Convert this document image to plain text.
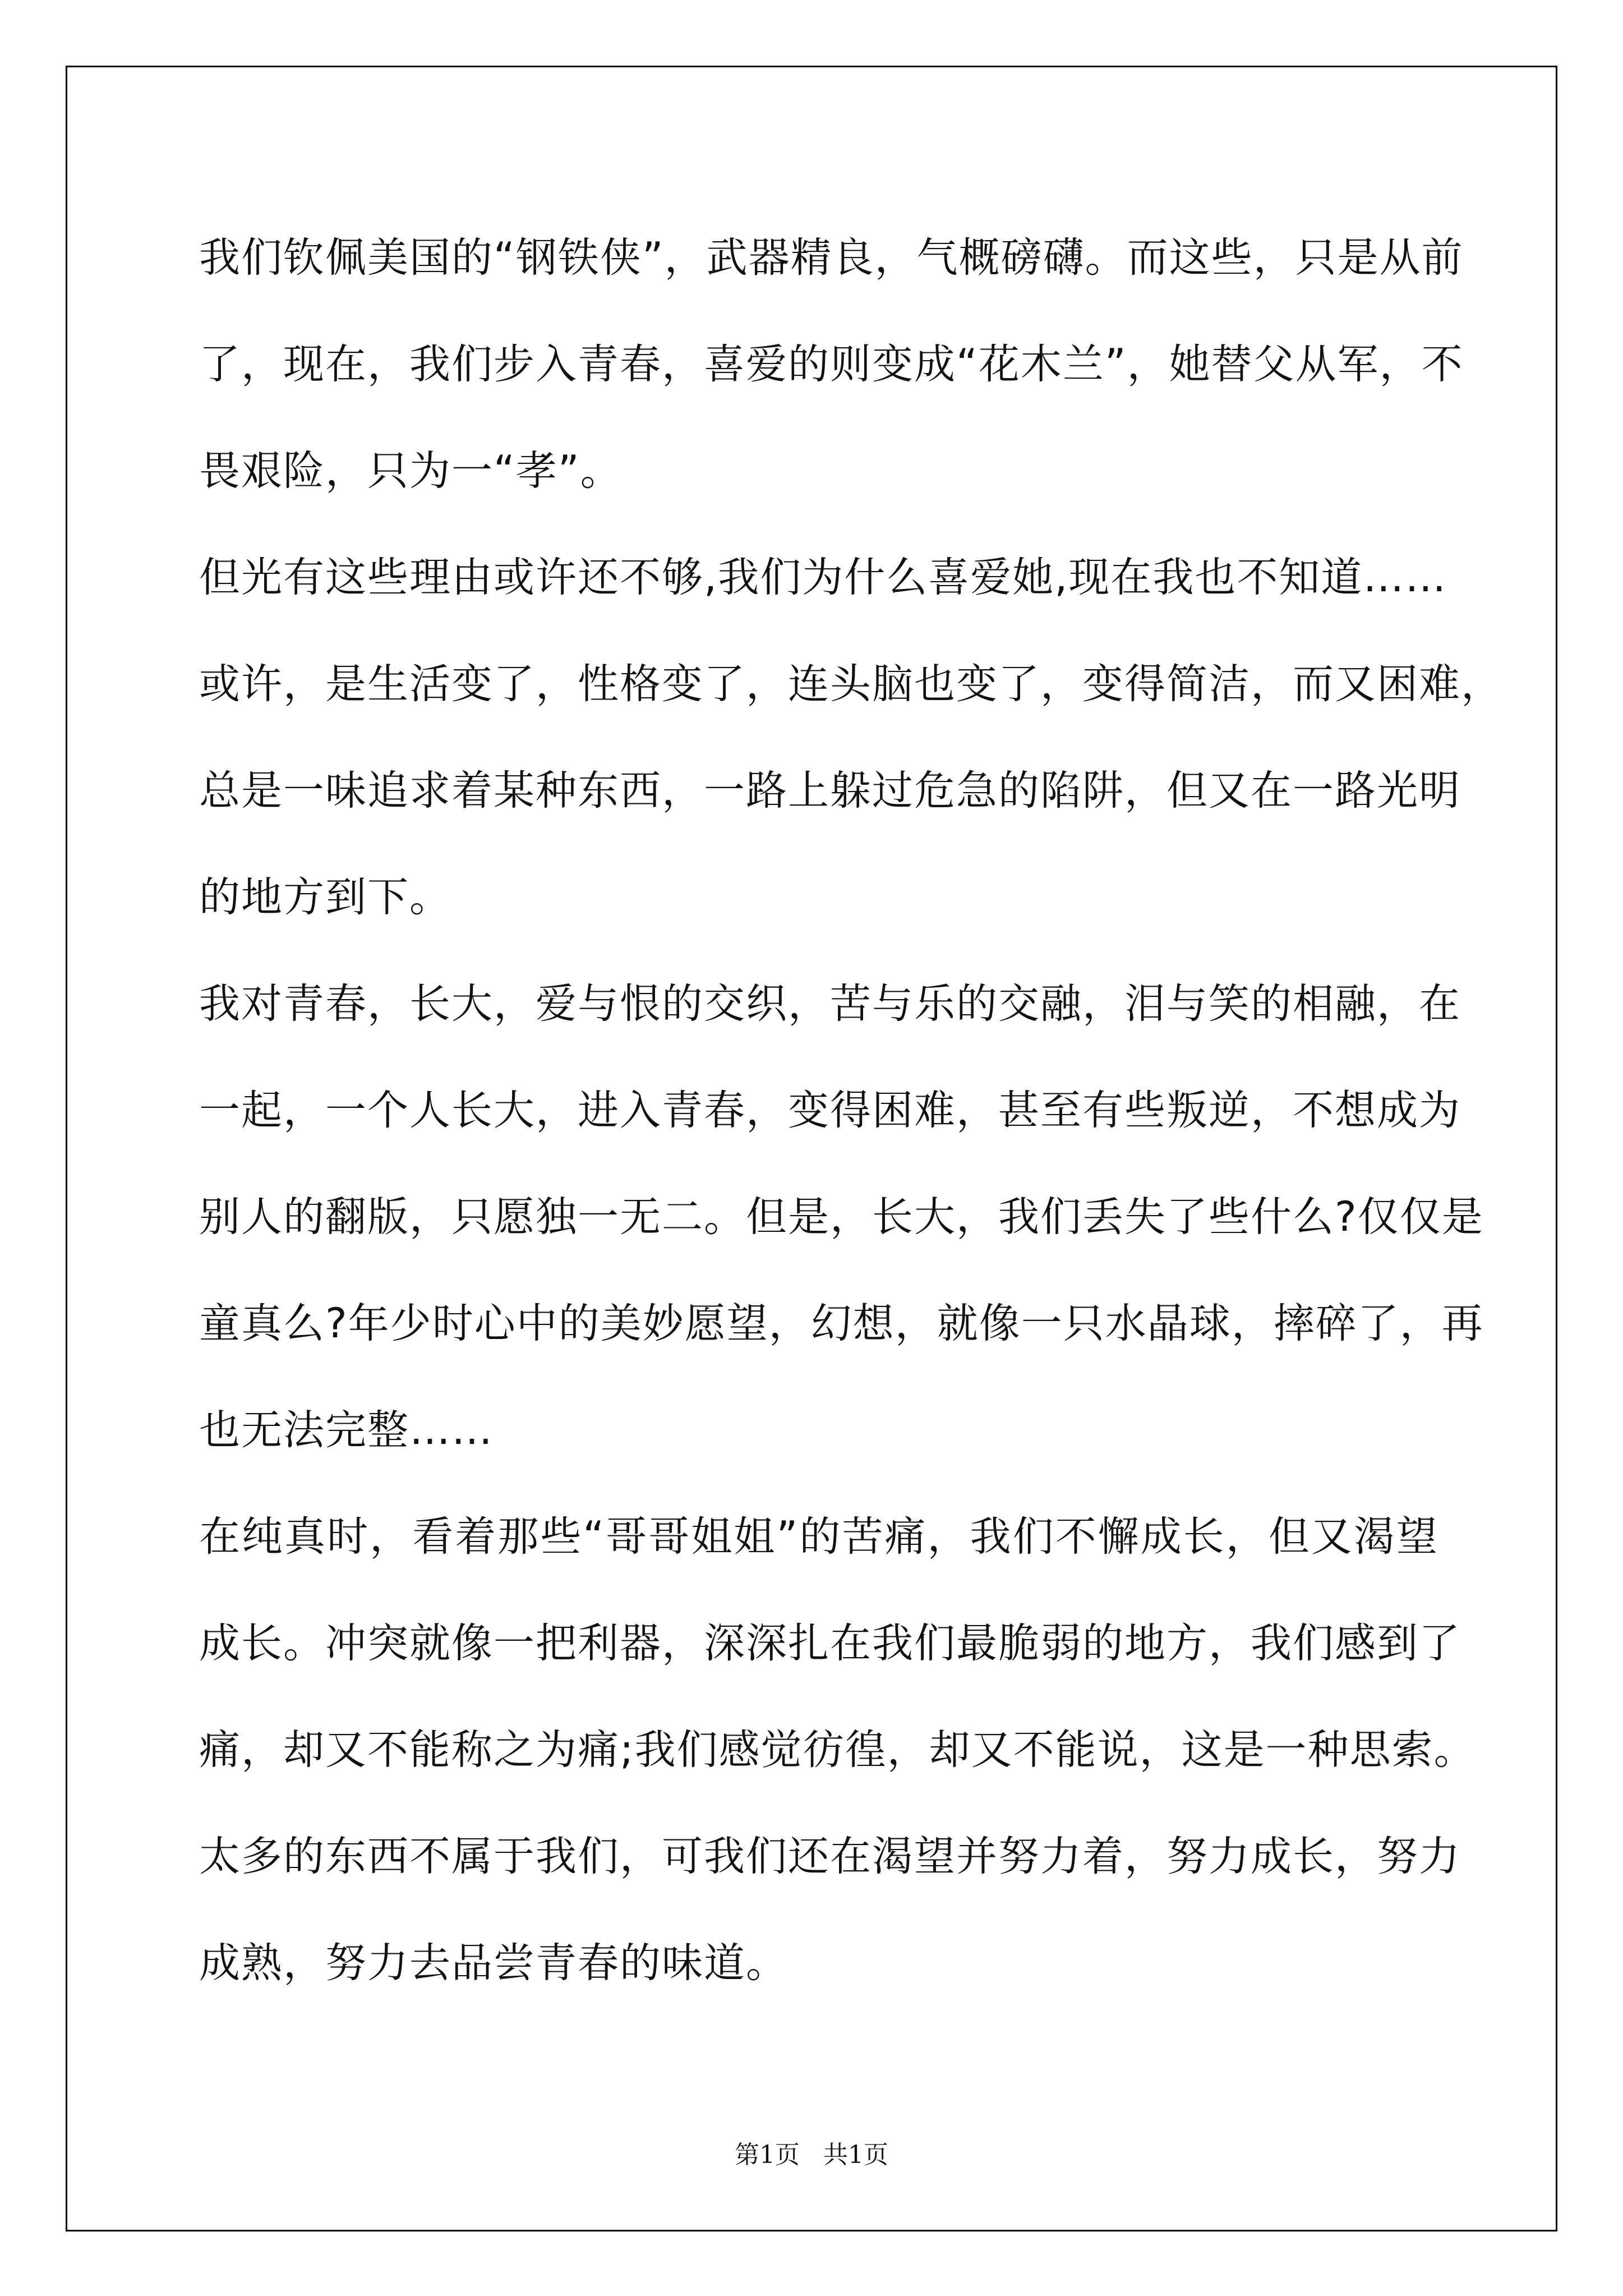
我们钦佩美国的“钢铁侠”，武器精良，气概磅礴。而这些，只是从前
了，现在，我们步入青春，喜爱的则变成“花木兰”，她替父从军，不
畏艰险，只为一“孝”。
但光有这些理由或许还不够,我们为什么喜爱她,现在我也不知道……
或许，是生活变了，性格变了，连头脑也变了，变得简洁，而又困难，
总是一味追求着某种东西，一路上躲过危急的陷阱，但又在一路光明
的地方到下。
我对青春，长大，爱与恨的交织，苦与乐的交融，泪与笑的相融，在
一起，一个人长大，进入青春，变得困难，甚至有些叛逆，不想成为
别人的翻版，只愿独一无二。但是，长大，我们丢失了些什么?仅仅是
童真么?年少时心中的美妙愿望，幻想，就像一只水晶球，摔碎了，再
也无法完整……
在纯真时，看着那些“哥哥姐姐”的苦痛，我们不懈成长，但又渴望
成长。冲突就像一把利器，深深扎在我们最脆弱的地方，我们感到了
痛，却又不能称之为痛;我们感觉彷徨，却又不能说，这是一种思索。
太多的东西不属于我们，可我们还在渴望并努力着，努力成长，努力
成熟，努力去品尝青春的味道。
第1页 共1页
